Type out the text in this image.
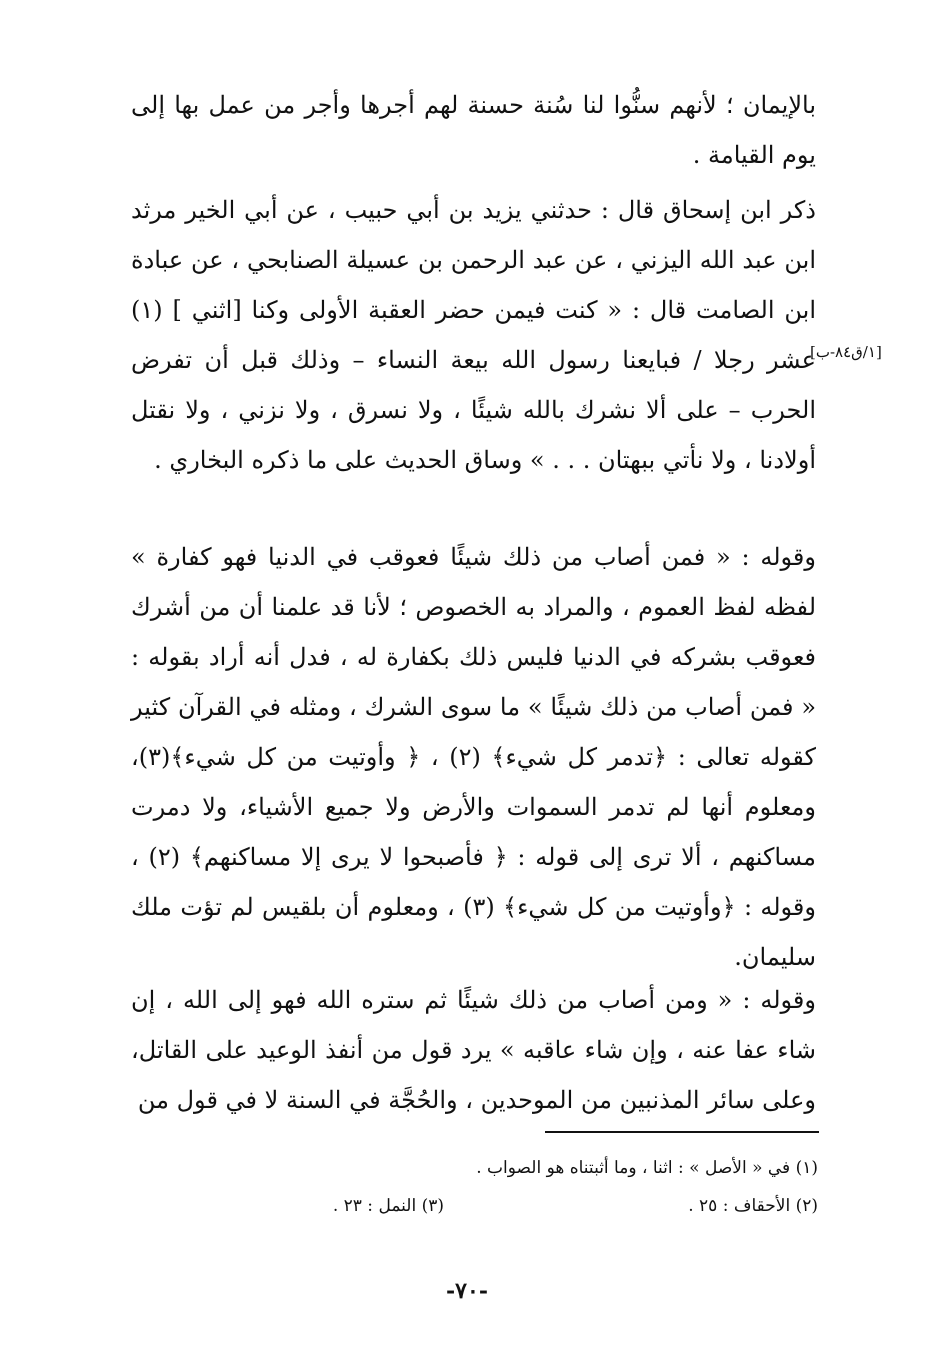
بالإيمان ؛ لأنهم سنُّوا لنا سُنة حسنة لهم أجرها وأجر من عمل بها إلى يوم القيامة .

ذكر ابن إسحاق قال : حدثني يزيد بن أبي حبيب ، عن أبي الخير مرثد ابن عبد الله اليزني ، عن عبد الرحمن بن عسيلة الصنابحي ، عن عبادة ابن الصامت قال : « كنت فيمن حضر العقبة الأولى وكنا [اثني ] (١) عشر رجلا / فبايعنا رسول الله بيعة النساء – وذلك قبل أن تفرض الحرب – على ألا نشرك بالله شيئًا ، ولا نسرق ، ولا نزني ، ولا نقتل أولادنا ، ولا نأتي ببهتان . . . » وساق الحديث على ما ذكره البخاري .

[١/ق٨٤-ب]

وقوله : « فمن أصاب من ذلك شيئًا فعوقب في الدنيا فهو كفارة » لفظه لفظ العموم ، والمراد به الخصوص ؛ لأنا قد علمنا أن من أشرك فعوقب بشركه في الدنيا فليس ذلك بكفارة له ، فدل أنه أراد بقوله : « فمن أصاب من ذلك شيئًا » ما سوى الشرك ، ومثله في القرآن كثير كقوله تعالى : ﴿تدمر كل شيء﴾ (٢) ، ﴿ وأوتيت من كل شيء﴾(٣)، ومعلوم أنها لم تدمر السموات والأرض ولا جميع الأشياء، ولا دمرت مساكنهم ، ألا ترى إلى قوله : ﴿ فأصبحوا لا يرى إلا مساكنهم﴾ (٢) ، وقوله : ﴿وأوتيت من كل شيء﴾ (٣) ، ومعلوم أن بلقيس لم تؤت ملك سليمان.

وقوله : « ومن أصاب من ذلك شيئًا ثم ستره الله فهو إلى الله ، إن شاء عفا عنه ، وإن شاء عاقبه » يرد قول من أنفذ الوعيد على القاتل، وعلى سائر المذنبين من الموحدين ، والحُجَّة في السنة لا في قول من

(١) في « الأصل » : اثنا ، وما أثبتناه هو الصواب .
(٢) الأحقاف : ٢٥ .
(٣) النمل : ٢٣ .
-٧٠-
